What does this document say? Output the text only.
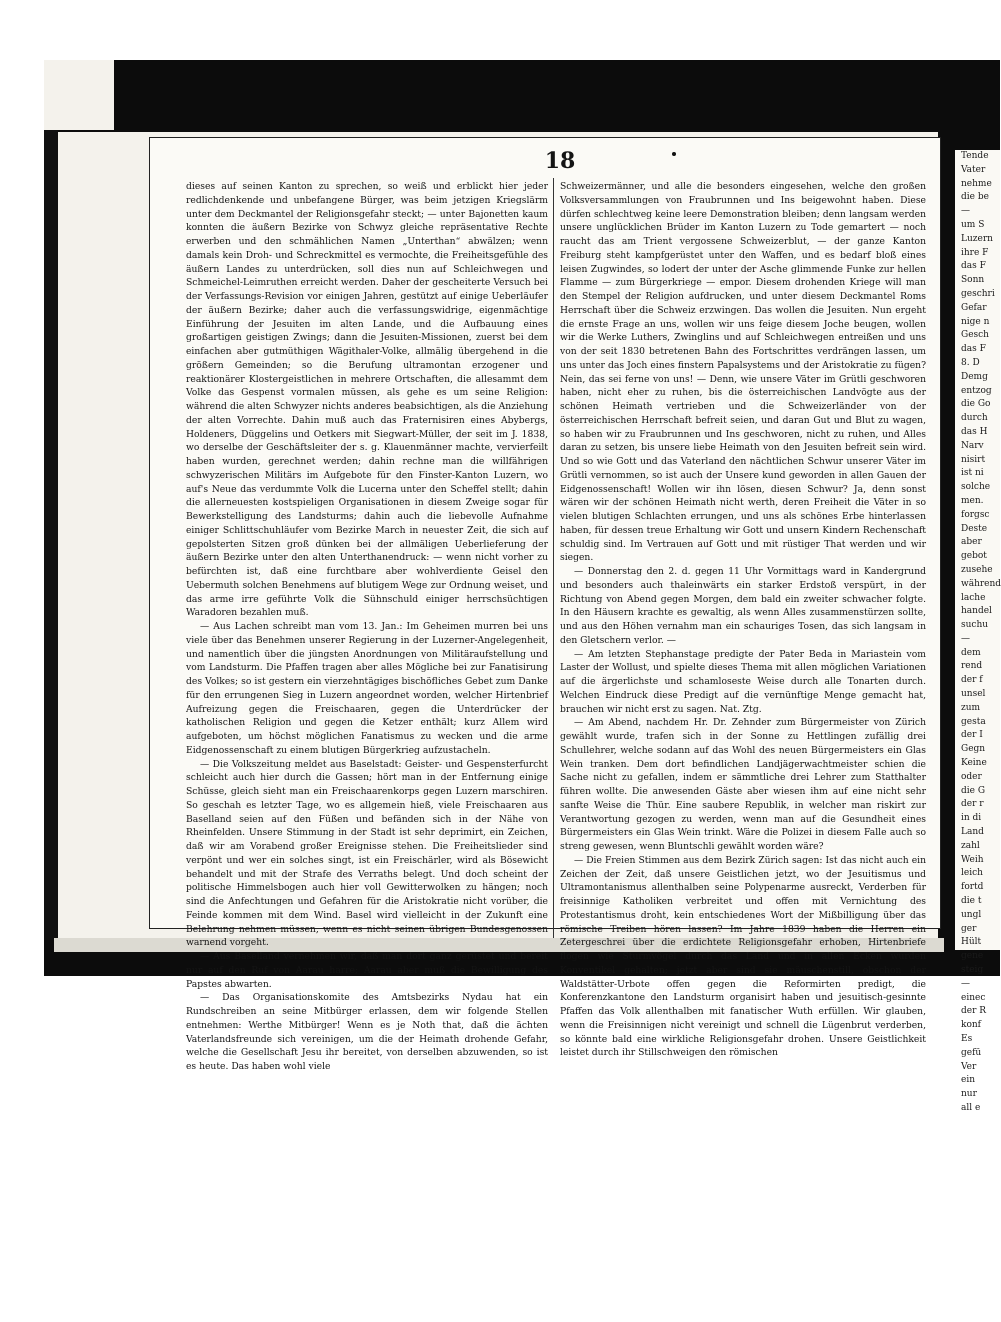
18

dieses auf seinen Kanton zu sprechen, so weiß und erblickt hier jeder redlichdenkende und unbefangene Bürger, was beim jetzigen Kriegslärm unter dem Deckmantel der Religionsgefahr steckt; — unter Bajonetten kaum konnten die äußern Bezirke von Schwyz gleiche repräsentative Rechte erwerben und den schmählichen Namen „Unterthan“ abwälzen; wenn damals kein Droh- und Schreckmittel es vermochte, die Freiheitsgefühle des äußern Landes zu unterdrücken, soll dies nun auf Schleichwegen und Schmeichel-Leimruthen erreicht werden. Daher der gescheiterte Versuch bei der Verfassungs-Revision vor einigen Jahren, gestützt auf einige Ueberläufer der äußern Bezirke; daher auch die verfassungswidrige, eigenmächtige Einführung der Jesuiten im alten Lande, und die Aufbauung eines großartigen geistigen Zwings; dann die Jesuiten-Missionen, zuerst bei dem einfachen aber gutmüthigen Wägithaler-Volke, allmälig übergehend in die größern Gemeinden; so die Berufung ultramontan erzogener und reaktionärer Klostergeistlichen in mehrere Ortschaften, die allesammt dem Volke das Gespenst vormalen müssen, als gehe es um seine Religion: während die alten Schwyzer nichts anderes beabsichtigen, als die Anziehung der alten Vorrechte. Dahin muß auch das Fraternisiren eines Abybergs, Holdeners, Düggelins und Oetkers mit Siegwart-Müller, der seit im J. 1838, wo derselbe der Geschäftsleiter der s. g. Klauenmänner machte, vervierfeilt haben wurden, gerechnet werden; dahin rechne man die willfährigen schwyzerischen Militärs im Aufgebote für den Finster-Kanton Luzern, wo auf's Neue das verdummte Volk die Lucerna unter den Scheffel stellt; dahin die allerneuesten kostspieligen Organisationen in diesem Zweige sogar für Bewerkstelligung des Landsturms; dahin auch die liebevolle Aufnahme einiger Schlittschuhläufer vom Bezirke March in neuester Zeit, die sich auf gepolsterten Sitzen groß dünken bei der allmäligen Ueberlieferung der äußern Bezirke unter den alten Unterthanendruck: — wenn nicht vorher zu befürchten ist, daß eine furchtbare aber wohlverdiente Geisel den Uebermuth solchen Benehmens auf blutigem Wege zur Ordnung weiset, und das arme irre geführte Volk die Sühnschuld einiger herrschsüchtigen Waradoren bezahlen muß.

— Aus Lachen schreibt man vom 13. Jan.: Im Geheimen murren bei uns viele über das Benehmen unserer Regierung in der Luzerner-Angelegenheit, und namentlich über die jüngsten Anordnungen von Militäraufstellung und vom Landsturm. Die Pfaffen tragen aber alles Mögliche bei zur Fanatisirung des Volkes; so ist gestern ein vierzehntägiges bischöfliches Gebet zum Danke für den errungenen Sieg in Luzern angeordnet worden, welcher Hirtenbrief Aufreizung gegen die Freischaaren, gegen die Unterdrücker der katholischen Religion und gegen die Ketzer enthält; kurz Allem wird aufgeboten, um höchst möglichen Fanatismus zu wecken und die arme Eidgenossenschaft zu einem blutigen Bürgerkrieg aufzustacheln.

— Die Volkszeitung meldet aus Baselstadt: Geister- und Gespensterfurcht schleicht auch hier durch die Gassen; hört man in der Entfernung einige Schüsse, gleich sieht man ein Freischaarenkorps gegen Luzern marschiren. So geschah es letzter Tage, wo es allgemein hieß, viele Freischaaren aus Baselland seien auf den Füßen und befänden sich in der Nähe von Rheinfelden. Unsere Stimmung in der Stadt ist sehr deprimirt, ein Zeichen, daß wir am Vorabend großer Ereignisse stehen. Die Freiheitslieder sind verpönt und wer ein solches singt, ist ein Freischärler, wird als Bösewicht behandelt und mit der Strafe des Verraths belegt. Und doch scheint der politische Himmelsbogen auch hier voll Gewitterwolken zu hängen; noch sind die Anfechtungen und Gefahren für die Aristokratie nicht vorüber, die Feinde kommen mit dem Wind. Basel wird vielleicht in der Zukunft eine Belehrung nehmen müssen, wenn es nicht seinen übrigen Bundesgenossen warnend vorgeht.

— Aus Baselland vernehmen wir, daß man dort ganz gerüstet und bereit nur auf den Ruf von Aarau harre; Aarau aber muß die Bewilligung des Papstes abwarten.

— Das Organisationskomite des Amtsbezirks Nydau hat ein Rundschreiben an seine Mitbürger erlassen, dem wir folgende Stellen entnehmen: Werthe Mitbürger! Wenn es je Noth that, daß die ächten Vaterlandsfreunde sich vereinigen, um die der Heimath drohende Gefahr, welche die Gesellschaft Jesu ihr bereitet, von derselben abzuwenden, so ist es heute. Das haben wohl viele

Schweizermänner, und alle die besonders eingesehen, welche den großen Volksversammlungen von Fraubrunnen und Ins beigewohnt haben. Diese dürfen schlechtweg keine leere Demonstration bleiben; denn langsam werden unsere unglücklichen Brüder im Kanton Luzern zu Tode gemartert — noch raucht das am Trient vergossene Schweizerblut, — der ganze Kanton Freiburg steht kampfgerüstet unter den Waffen, und es bedarf bloß eines leisen Zugwindes, so lodert der unter der Asche glimmende Funke zur hellen Flamme — zum Bürgerkriege — empor. Diesem drohenden Kriege will man den Stempel der Religion aufdrucken, und unter diesem Deckmantel Roms Herrschaft über die Schweiz erzwingen. Das wollen die Jesuiten. Nun ergeht die ernste Frage an uns, wollen wir uns feige diesem Joche beugen, wollen wir die Werke Luthers, Zwinglins und auf Schleichwegen entreißen und uns von der seit 1830 betretenen Bahn des Fortschrittes verdrängen lassen, um uns unter das Joch eines finstern Papalsystems und der Aristokratie zu fügen? Nein, das sei ferne von uns! — Denn, wie unsere Väter im Grütli geschworen haben, nicht eher zu ruhen, bis die österreichischen Landvögte aus der schönen Heimath vertrieben und die Schweizerländer von der österreichischen Herrschaft befreit seien, und daran Gut und Blut zu wagen, so haben wir zu Fraubrunnen und Ins geschworen, nicht zu ruhen, und Alles daran zu setzen, bis unsere liebe Heimath von den Jesuiten befreit sein wird. Und so wie Gott und das Vaterland den nächtlichen Schwur unserer Väter im Grütli vernommen, so ist auch der Unsere kund geworden in allen Gauen der Eidgenossenschaft! Wollen wir ihn lösen, diesen Schwur? Ja, denn sonst wären wir der schönen Heimath nicht werth, deren Freiheit die Väter in so vielen blutigen Schlachten errungen, und uns als schönes Erbe hinterlassen haben, für dessen treue Erhaltung wir Gott und unsern Kindern Rechenschaft schuldig sind. Im Vertrauen auf Gott und mit rüstiger That werden und wir siegen.

— Donnerstag den 2. d. gegen 11 Uhr Vormittags ward in Kandergrund und besonders auch thaleinwärts ein starker Erdstoß verspürt, in der Richtung von Abend gegen Morgen, dem bald ein zweiter schwacher folgte. In den Häusern krachte es gewaltig, als wenn Alles zusammenstürzen sollte, und aus den Höhen vernahm man ein schauriges Tosen, das sich langsam in den Gletschern verlor. —

— Am letzten Stephanstage predigte der Pater Beda in Mariastein vom Laster der Wollust, und spielte dieses Thema mit allen möglichen Variationen auf die ärgerlichste und schamloseste Weise durch alle Tonarten durch. Welchen Eindruck diese Predigt auf die vernünftige Menge gemacht hat, brauchen wir nicht erst zu sagen. Nat. Ztg.

— Am Abend, nachdem Hr. Dr. Zehnder zum Bürgermeister von Zürich gewählt wurde, trafen sich in der Sonne zu Hettlingen zufällig drei Schullehrer, welche sodann auf das Wohl des neuen Bürgermeisters ein Glas Wein tranken. Dem dort befindlichen Landjägerwachtmeister schien die Sache nicht zu gefallen, indem er sämmtliche drei Lehrer zum Statthalter führen wollte. Die anwesenden Gäste aber wiesen ihm auf eine nicht sehr sanfte Weise die Thür. Eine saubere Republik, in welcher man riskirt zur Verantwortung gezogen zu werden, wenn man auf die Gesundheit eines Bürgermeisters ein Glas Wein trinkt. Wäre die Polizei in diesem Falle auch so streng gewesen, wenn Bluntschli gewählt worden wäre?

— Die Freien Stimmen aus dem Bezirk Zürich sagen: Ist das nicht auch ein Zeichen der Zeit, daß unsere Geistlichen jetzt, wo der Jesuitismus und Ultramontanismus allenthalben seine Polypenarme ausreckt, Verderben für freisinnige Katholiken verbreitet und offen mit Vernichtung des Protestantismus droht, kein entschiedenes Wort der Mißbilligung über das römische Treiben hören lassen? Im Jahre 1839 haben die Herren ein Zetergeschrei über die erdichtete Religionsgefahr erhoben, Hirtenbriefe flogen wie Sturmvögel durch das Land und in allen Ecken wurden Konventikel gehalten; jetzt aber sind sie mäuschenstill, obschon der Waldstätter-Urbote offen gegen die Reformirten predigt, die Konferenzkantone den Landsturm organisirt haben und jesuitisch-gesinnte Pfaffen das Volk allenthalben mit fanatischer Wuth erfüllen. Wir glauben, wenn die Freisinnigen nicht vereinigt und schnell die Lügenbrut verderben, so könnte bald eine wirkliche Religionsgefahr drohen. Unsere Geistlichkeit leistet durch ihr Stillschweigen den römischen

Tende
Vater
nehme
die be
—
um S
Luzern
ihre F
das F
Sonn
geschri
Gefar
nige n
Gesch
das F
8. D
Demg
entzog
die Go
durch
das H
Narv
nisirt
ist ni
solche
men.
forgsc
Deste
aber
gebot
zusehe
während
lache
handel
suchu
—
dem
rend
der f
unsel
zum
gesta
der I
Gegn
Keine
oder
die G
der r
in di
Land
zahl
Weih
leich
fortd
die t
ungl
ger
Hült
gene
steig
—
einec
der R
konf
Es
gefü
Ver
ein
nur
all e
